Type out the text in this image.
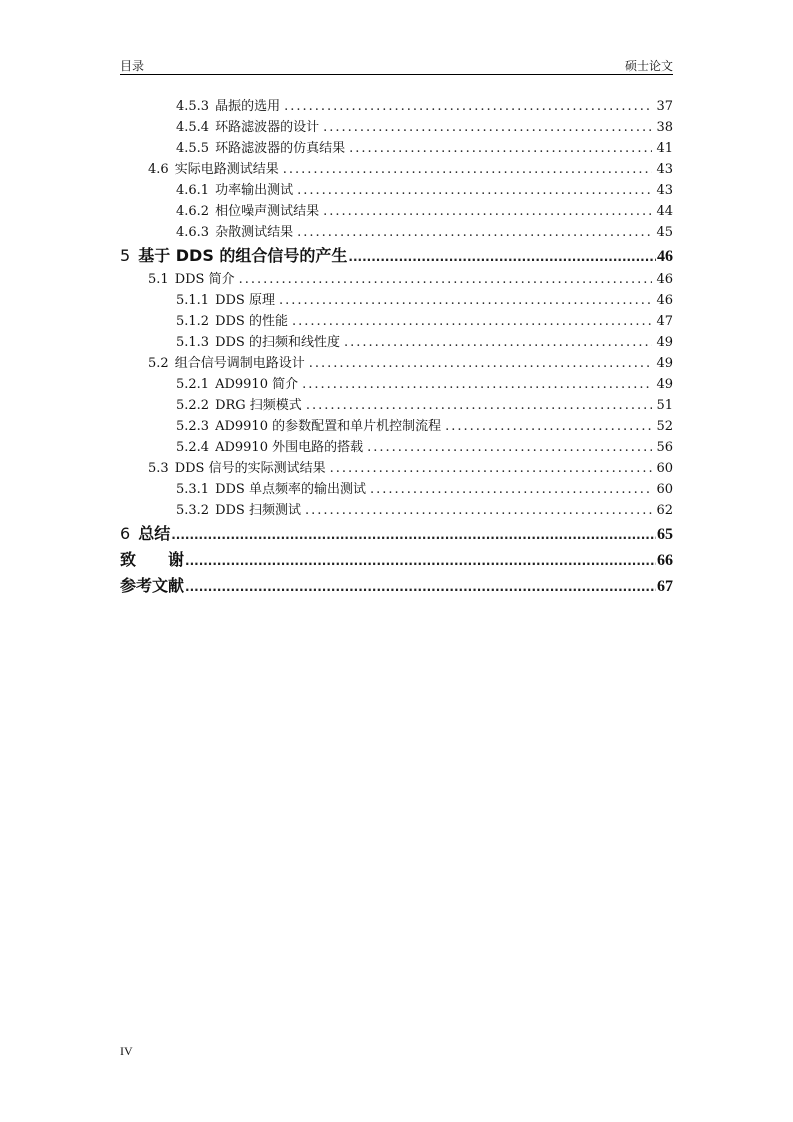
目录	硕士论文
4.5.3 晶振的选用 .....	37
4.5.4 环路滤波器的设计 .....	38
4.5.5 环路滤波器的仿真结果 .....	41
4.6 实际电路测试结果 .....	43
4.6.1 功率输出测试 .....	43
4.6.2 相位噪声测试结果 .....	44
4.6.3 杂散测试结果 .....	45
5 基于 DDS 的组合信号的产生 .....	46
5.1 DDS 简介 .....	46
5.1.1 DDS 原理 .....	46
5.1.2 DDS 的性能 .....	47
5.1.3 DDS 的扫频和线性度 .....	49
5.2 组合信号调制电路设计 .....	49
5.2.1 AD9910 简介 .....	49
5.2.2 DRG 扫频模式 .....	51
5.2.3 AD9910 的参数配置和单片机控制流程 .....	52
5.2.4 AD9910 外围电路的搭载 .....	56
5.3 DDS 信号的实际测试结果 .....	60
5.3.1 DDS 单点频率的输出测试 .....	60
5.3.2 DDS 扫频测试 .....	62
6 总结 .....	65
致谢 .....	66
参考文献 .....	67
IV
